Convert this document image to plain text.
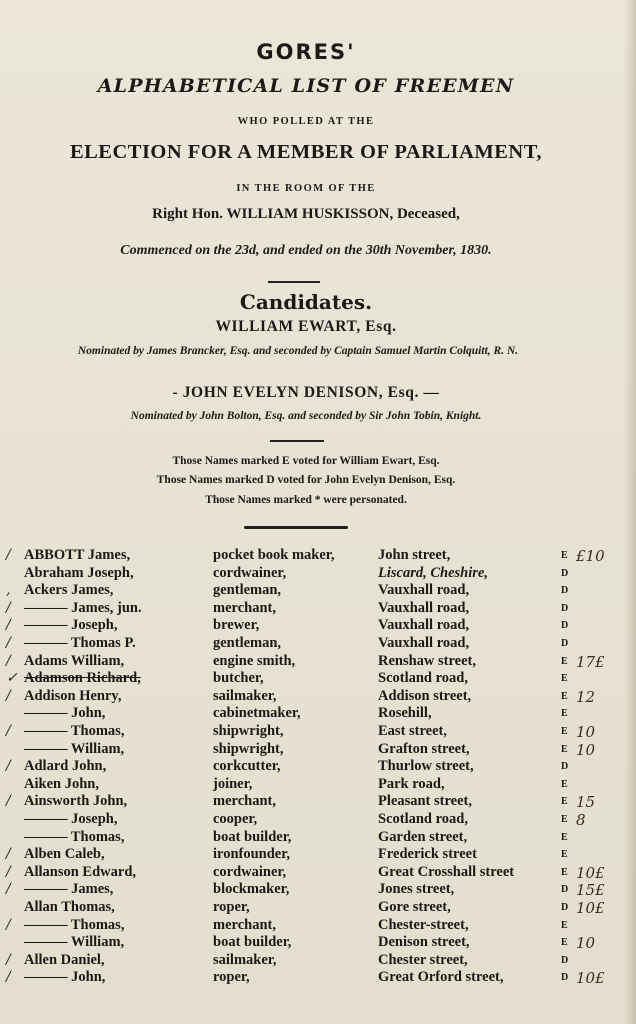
GORES'
ALPHABETICAL LIST OF FREEMEN
WHO POLLED AT THE
ELECTION FOR A MEMBER OF PARLIAMENT,
IN THE ROOM OF THE
Right Hon. WILLIAM HUSKISSON, Deceased,
Commenced on the 23d, and ended on the 30th November, 1830.
Candidates.
WILLIAM EWART, Esq.
Nominated by James Brancker, Esq. and seconded by Captain Samuel Martin Colquitt, R. N.
- JOHN EVELYN DENISON, Esq. —
Nominated by John Bolton, Esq. and seconded by Sir John Tobin, Knight.
Those Names marked E voted for William Ewart, Esq.
Those Names marked D voted for John Evelyn Denison, Esq.
Those Names marked * were personated.
/ ABBOTT James,	pocket book maker,	John street,	E £10
Abraham Joseph,	cordwainer,	Liscard, Cheshire,	D
, Ackers James,	gentleman,	Vauxhall road,	D
/ ——— James, jun.	merchant,	Vauxhall road,	D
/ ——— Joseph,	brewer,	Vauxhall road,	D
/ ——— Thomas P.	gentleman,	Vauxhall road,	D
/ Adams William,	engine smith,	Renshaw street,	E 17£
✓ Adamson Richard,	butcher,	Scotland road,	E
/ Addison Henry,	sailmaker,	Addison street,	E 12
——— John,	cabinetmaker,	Rosehill,	E
/ ——— Thomas,	shipwright,	East street,	E 10
——— William,	shipwright,	Grafton street,	E 10
/ Adlard John,	corkcutter,	Thurlow street,	D
Aiken John,	joiner,	Park road,	E
/ Ainsworth John,	merchant,	Pleasant street,	E 15
——— Joseph,	cooper,	Scotland road,	E 8
——— Thomas,	boat builder,	Garden street,	E
/ Alben Caleb,	ironfounder,	Frederick street	E
/ Allanson Edward,	cordwainer,	Great Crosshall street	E 10£
/ ——— James,	blockmaker,	Jones street,	D 15£
Allan Thomas,	roper,	Gore street,	D 10£
/ ——— Thomas,	merchant,	Chester-street,	E
——— William,	boat builder,	Denison street,	E 10
/ Allen Daniel,	sailmaker,	Chester street,	D
/ ——— John,	roper,	Great Orford street,	D 10£
